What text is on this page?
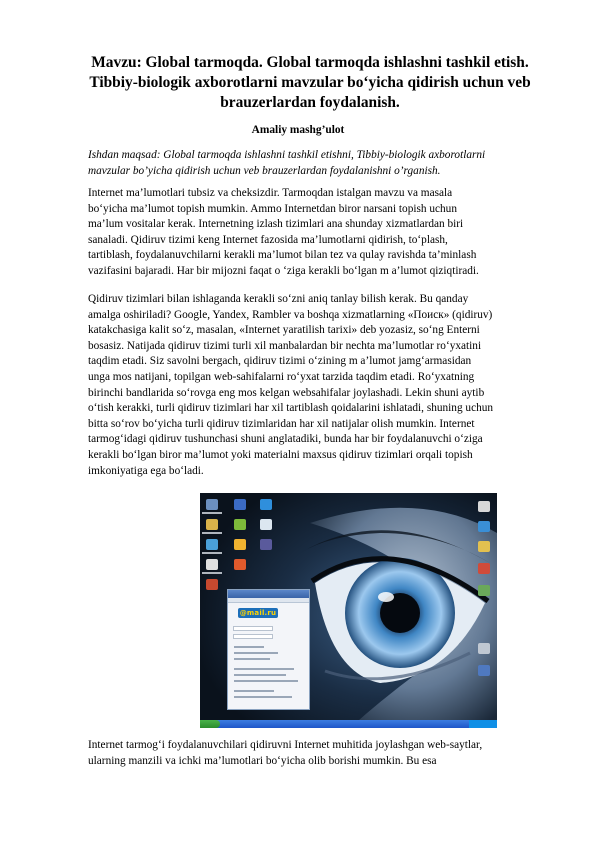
Mavzu: Global tarmoqda. Global tarmoqda ishlashni tashkil etish.
Tibbiy-biologik axborotlarni mavzular bo‘yicha qidirish uchun veb
brauzerlardan foydalanish.
Amaliy mashg’ulot
Ishdan maqsad: Global tarmoqda ishlashni tashkil etishni, Tibbiy-biologik axborotlarni
mavzular bo’yicha qidirish uchun veb brauzerlardan foydalanishni o’rganish.
Internet ma’lumotlari tubsiz va cheksizdir. Tarmoqdan istalgan mavzu va masala
bo‘yicha ma’lumot topish mumkin. Ammo Internetdan biror narsani topish uchun
ma’lum vositalar kerak. Internetning izlash tizimlari ana shunday xizmatlardan biri
sanaladi. Qidiruv tizimi keng Internet fazosida ma’lumotlarni qidirish, to‘plash,
tartiblash, foydalanuvchilarni kerakli ma’lumot bilan tez va qulay ravishda ta’minlash
vazifasini bajaradi. Har bir mijozni faqat o ‘ziga kerakli bo‘lgan m a’lumot qiziqtiradi.
Qidiruv tizimlari bilan ishlaganda kerakli so‘zni aniq tanlay bilish kerak. Bu qanday
amalga oshiriladi? Google, Yandex, Rambler va boshqa xizmatlarning «Поиск» (qidiruv)
katakchasiga kalit so‘z, masalan, «Internet yaratilish tarixi» deb yozasiz, so‘ng Enterni
bosasiz. Natijada qidiruv tizimi turli xil manbalardan bir nechta ma’lumotlar ro‘yxatini
taqdim etadi. Siz savolni bergach, qidiruv tizimi o‘zining m a’lumot jamg‘armasidan
unga mos natijani, topilgan web-sahifalarni ro‘yxat tarzida taqdim etadi. Ro‘yxatning
birinchi bandlarida so‘rovga eng mos kelgan websahifalar joylashadi. Lekin shuni aytib
o‘tish kerakki, turli qidiruv tizimlari har xil tartiblash qoidalarini ishlatadi, shuning uchun
bitta so‘rov bo‘yicha turli qidiruv tizimlaridan har xil natijalar olish mumkin. Internet
tarmog‘idagi qidiruv tushunchasi shuni anglatadiki, bunda har bir foydalanuvchi o‘ziga
kerakli bo‘lgan biror ma’lumot yoki materialni maxsus qidiruv tizimlari orqali topish
imkoniyatiga ega bo‘ladi.
@mail.ru
Internet tarmog‘i foydalanuvchilari qidiruvni Internet muhitida joylashgan web-saytlar,
ularning manzili va ichki ma’lumotlari bo‘yicha olib borishi mumkin. Bu esa
